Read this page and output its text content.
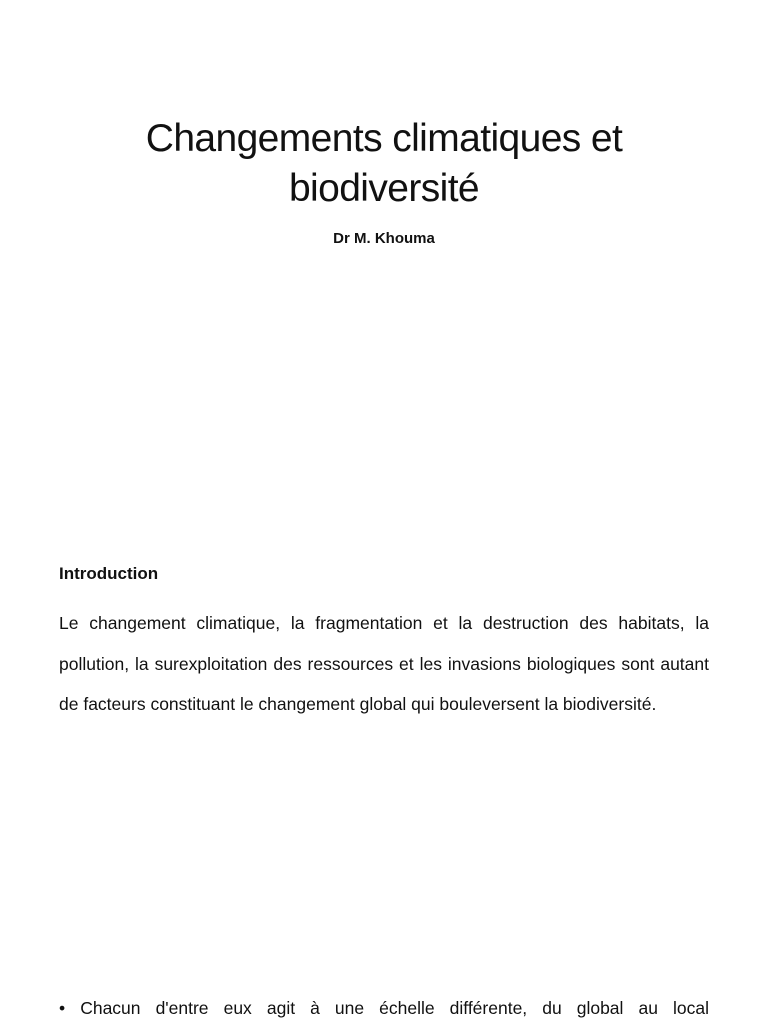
Changements climatiques et
biodiversité
Dr M. Khouma
Introduction

Le changement climatique, la fragmentation et la destruction des habitats, la pollution, la surexploitation des ressources et les invasions biologiques sont autant de facteurs constituant le changement global qui bouleversent la biodiversité.

• Chacun d'entre eux agit à une échelle différente, du global au local
